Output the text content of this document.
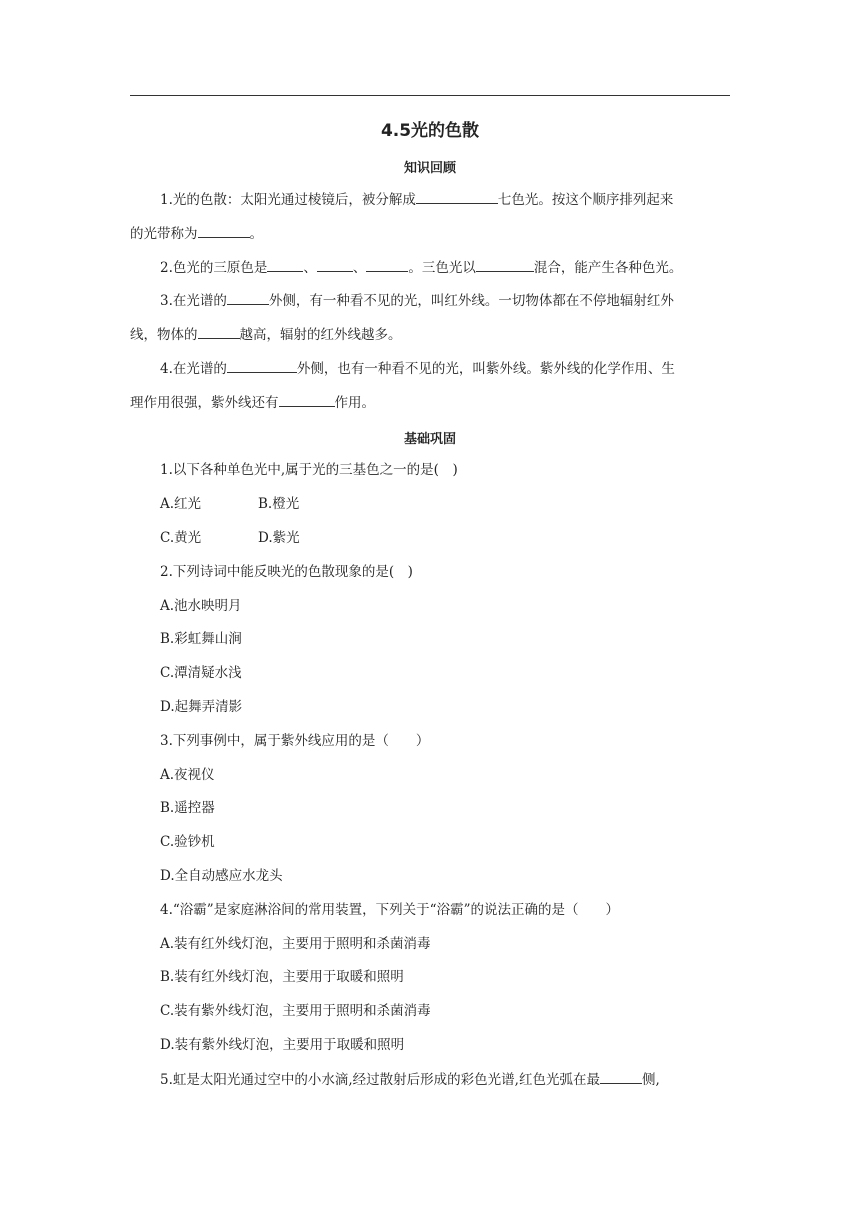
4.5光的色散
知识回顾
1.光的色散：太阳光通过棱镜后，被分解成	七色光。按这个顺序排列起来
的光带称为	。
2.色光的三原色是	、	、	。三色光以	混合，能产生各种色光。
3.在光谱的	外侧，有一种看不见的光，叫红外线。一切物体都在不停地辐射红外
线，物体的	越高，辐射的红外线越多。
4.在光谱的	外侧，也有一种看不见的光，叫紫外线。紫外线的化学作用、生
理作用很强，紫外线还有	作用。
基础巩固
1.以下各种单色光中,属于光的三基色之一的是(　)
A.红光	B.橙光
C.黄光	D.紫光
2.下列诗词中能反映光的色散现象的是(　)
A.池水映明月
B.彩虹舞山涧
C.潭清疑水浅
D.起舞弄清影
3.下列事例中，属于紫外线应用的是（　　）
A.夜视仪
B.遥控器
C.验钞机
D.全自动感应水龙头
4.“浴霸”是家庭淋浴间的常用装置，下列关于“浴霸”的说法正确的是（　　）
A.装有红外线灯泡，主要用于照明和杀菌消毒
B.装有红外线灯泡，主要用于取暖和照明
C.装有紫外线灯泡，主要用于照明和杀菌消毒
D.装有紫外线灯泡，主要用于取暖和照明
5.虹是太阳光通过空中的小水滴,经过散射后形成的彩色光谱,红色光弧在最	侧,
